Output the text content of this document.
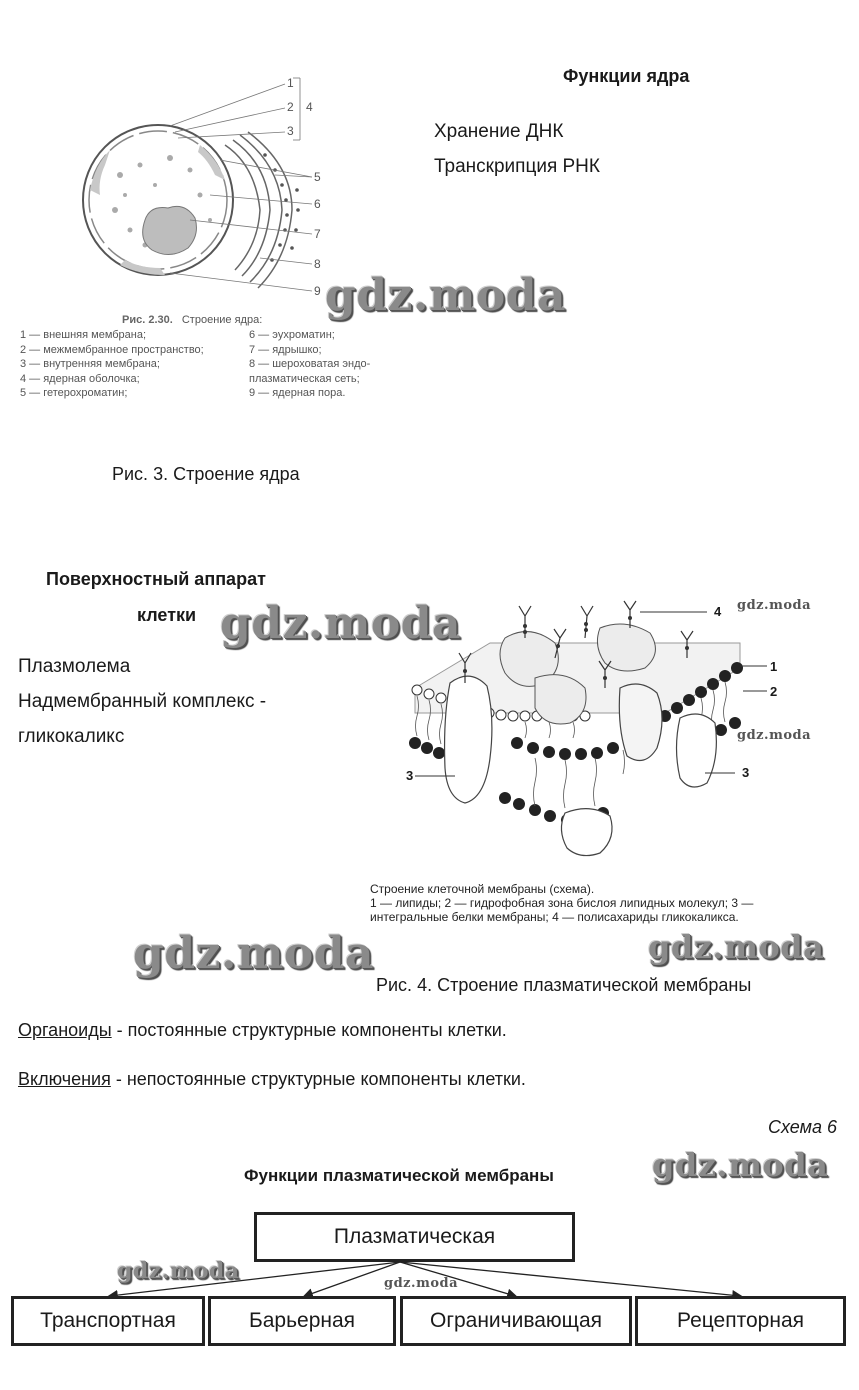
1
2
3
4
5
6
7
8
9
Рис. 2.30. Строение ядра:
1 — внешняя мембрана;
2 — межмембранное пространство;
3 — внутренняя мембрана;
4 — ядерная оболочка;
5 — гетерохроматин;
6 — эухроматин;
7 — ядрышко;
8 — шероховатая эндо-
плазматическая сеть;
9 — ядерная пора.
Функции ядра
Хранение ДНК
Транскрипция РНК
gdz.moda
Рис. 3. Строение ядра
Поверхностный аппарат
клетки gdz.moda
Плазмолема
Надмембранный комплекс -
гликокаликс
4
1
2
3	3
gdz.moda
gdz.moda
Строение клеточной мембраны (схема).
1 — липиды; 2 — гидрофобная зона бислоя липидных молекул; 3 —
интегральные белки мембраны; 4 — полисахариды гликокаликса.
gdz.moda	gdz.moda
Рис. 4. Строение плазматической мембраны
Органоиды - постоянные структурные компоненты клетки.
Включения - непостоянные структурные компоненты клетки.
Схема 6
Функции плазматической мембраны	gdz.moda
Плазматическая
gdz.moda	gdz.moda
Транспортная	Барьерная	Ограничивающая	Рецепторная
